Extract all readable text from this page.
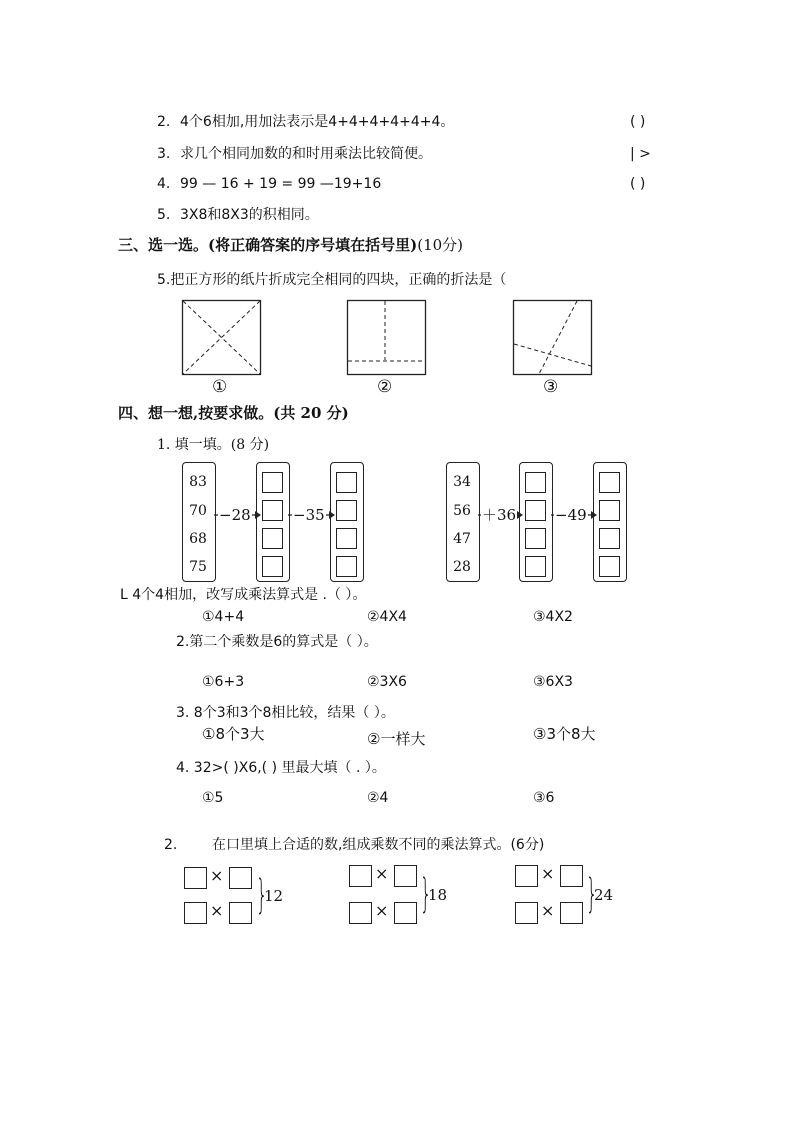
2. 4个6相加,用加法表示是4+4+4+4+4+4。	( )
3. 求几个相同加数的和时用乘法比较简便。	| >
4. 99 — 16 + 19 = 99 —19+16	( )
5. 3X8和8X3的积相同。
三、选一选。(将正确答案的序号填在括号里)(10分)
5.把正方形的纸片折成完全相同的四块，正确的折法是（
①	②	③
四、想一想,按要求做。(共 20 分)
1. 填一填。(8 分)
83
70
68
75
−28	−35
34
56
47
28
＋36	−49
L 4个4相加，改写成乘法算式是 .（ ）。
①4+4	②4X4	③4X2
2.第二个乘数是6的算式是（ ）。
①6+3	②3X6	③6X3
3. 8个3和3个8相比较，结果（ ）。
①8个3大	②一样大	③3个8大
4. 32>( )X6,( ) 里最大填（ . ）。
①5	②4	③6
2. 在口里填上合适的数,组成乘数不同的乘法算式。(6分)
×
× }
12
×
× }
18
×
× }
24
